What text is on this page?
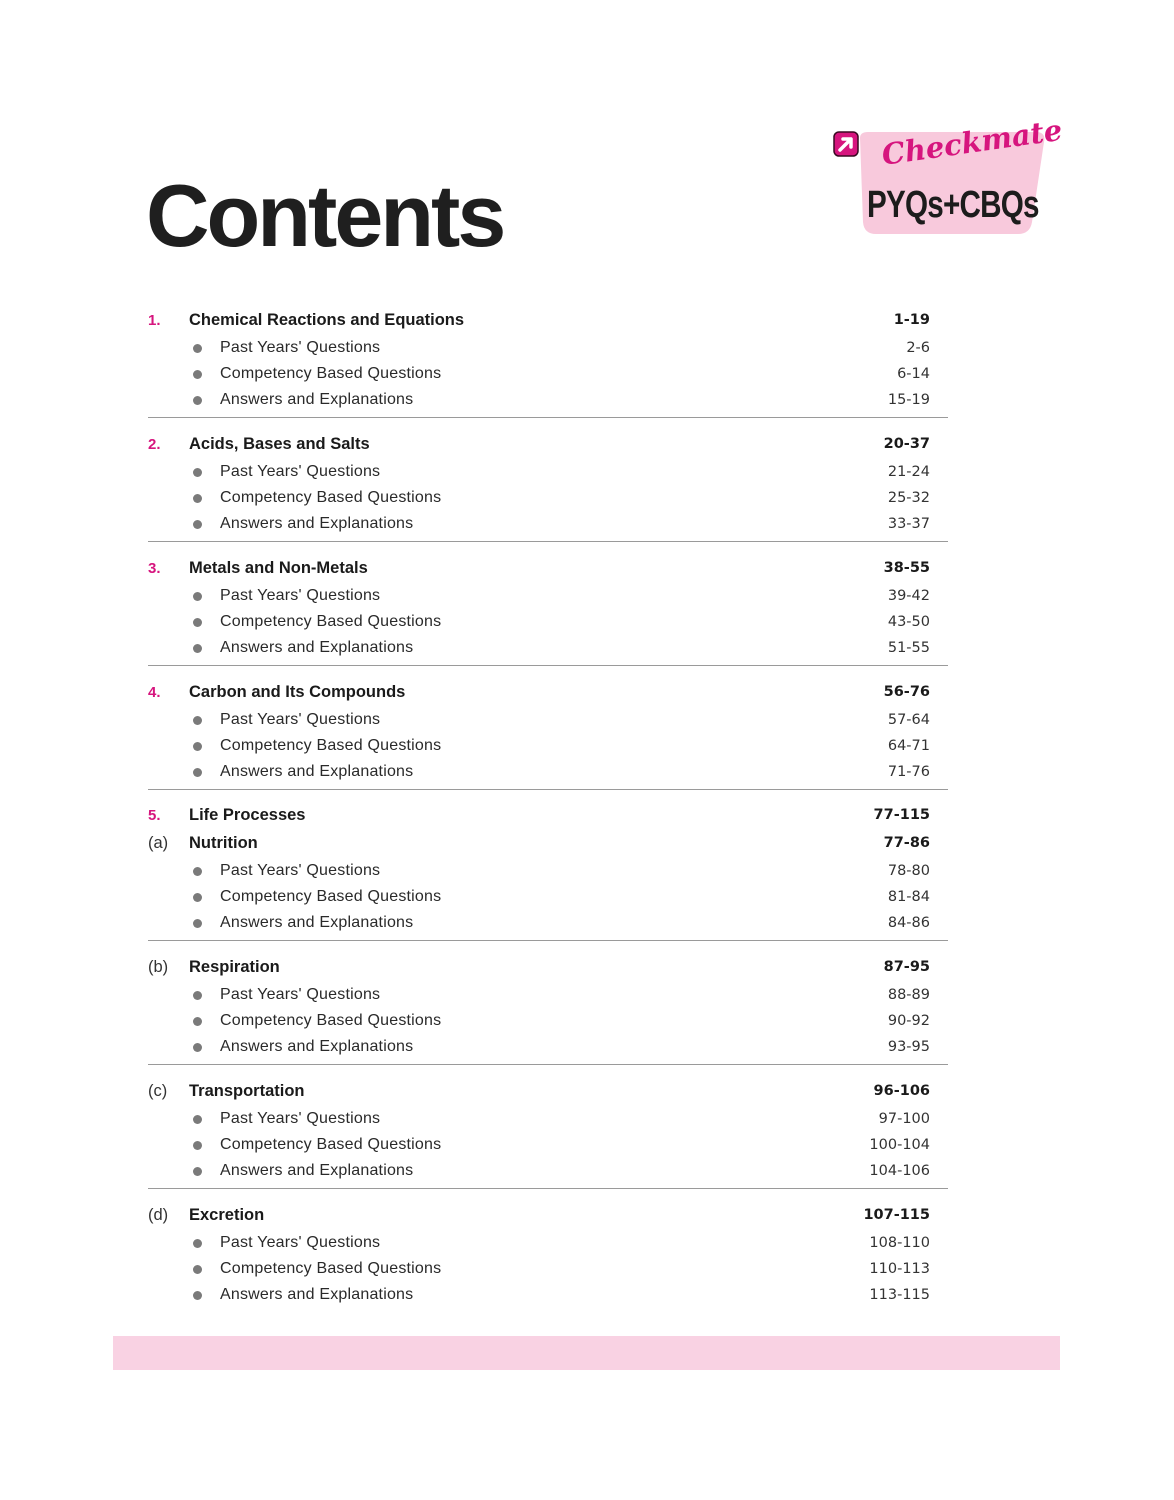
Contents
Checkmate
PYQs+CBQs
1. Chemical Reactions and Equations	1-19
Past Years' Questions	2-6
Competency Based Questions	6-14
Answers and Explanations	15-19
2. Acids, Bases and Salts	20-37
Past Years' Questions	21-24
Competency Based Questions	25-32
Answers and Explanations	33-37
3. Metals and Non-Metals	38-55
Past Years' Questions	39-42
Competency Based Questions	43-50
Answers and Explanations	51-55
4. Carbon and Its Compounds	56-76
Past Years' Questions	57-64
Competency Based Questions	64-71
Answers and Explanations	71-76
5. Life Processes	77-115
(a) Nutrition	77-86
Past Years' Questions	78-80
Competency Based Questions	81-84
Answers and Explanations	84-86
(b) Respiration	87-95
Past Years' Questions	88-89
Competency Based Questions	90-92
Answers and Explanations	93-95
(c) Transportation	96-106
Past Years' Questions	97-100
Competency Based Questions	100-104
Answers and Explanations	104-106
(d) Excretion	107-115
Past Years' Questions	108-110
Competency Based Questions	110-113
Answers and Explanations	113-115
